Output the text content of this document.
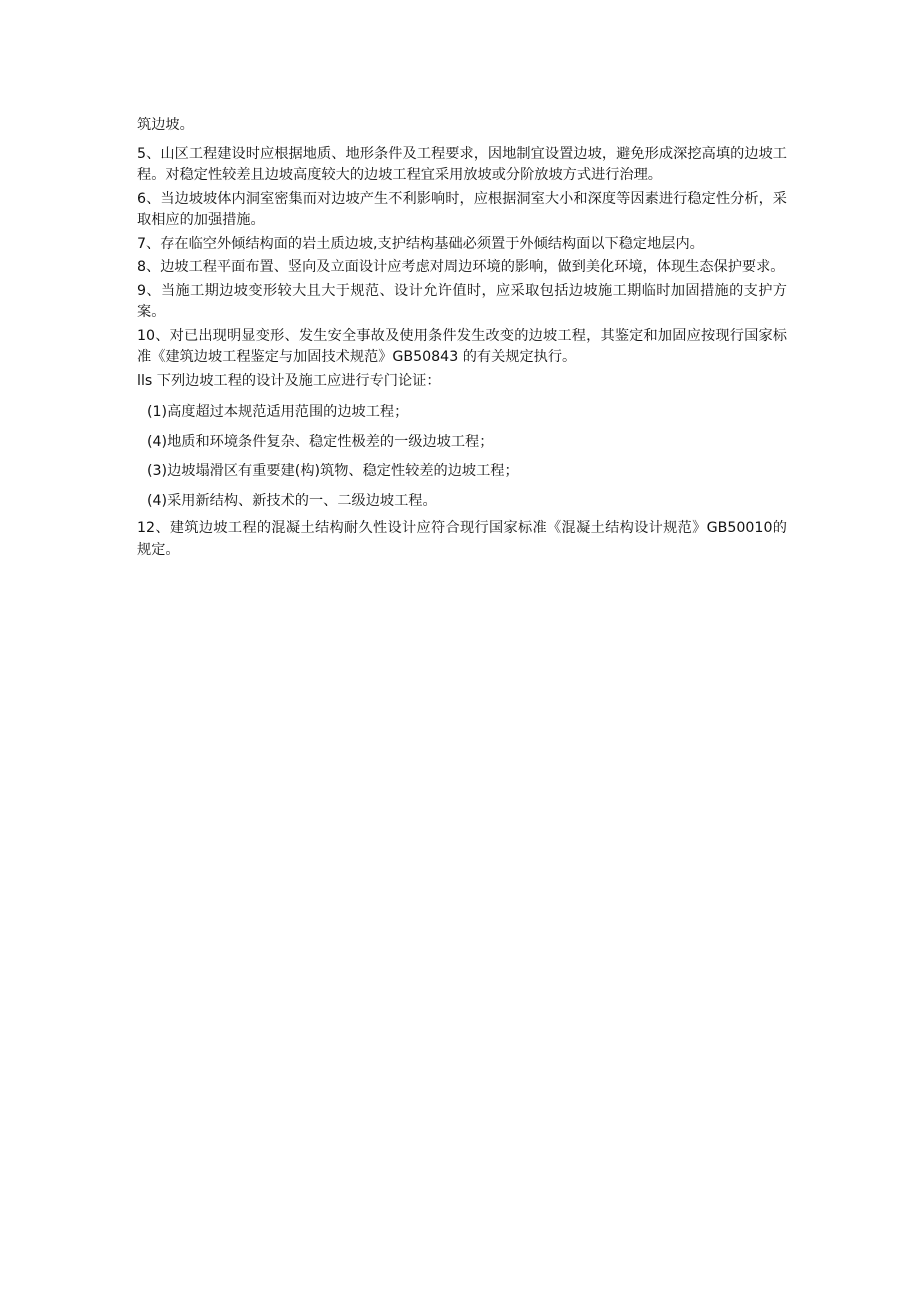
筑边坡。

5、山区工程建设时应根据地质、地形条件及工程要求，因地制宜设置边坡，避免形成深挖高填的边坡工程。对稳定性较差且边坡高度较大的边坡工程宜采用放坡或分阶放坡方式进行治理。

6、当边坡坡体内洞室密集而对边坡产生不利影响时，应根据洞室大小和深度等因素进行稳定性分析，采取相应的加强措施。

7、存在临空外倾结构面的岩土质边坡,支护结构基础必须置于外倾结构面以下稳定地层内。

8、边坡工程平面布置、竖向及立面设计应考虑对周边环境的影响，做到美化环境，体现生态保护要求。

9、当施工期边坡变形较大且大于规范、设计允许值时，应采取包括边坡施工期临时加固措施的支护方案。

10、对已出现明显变形、发生安全事故及使用条件发生改变的边坡工程，其鉴定和加固应按现行国家标准《建筑边坡工程鉴定与加固技术规范》GB50843 的有关规定执行。

lls 下列边坡工程的设计及施工应进行专门论证：

(1)高度超过本规范适用范围的边坡工程；

(4)地质和环境条件复杂、稳定性极差的一级边坡工程；

(3)边坡塌滑区有重要建(构)筑物、稳定性较差的边坡工程；

(4)采用新结构、新技术的一、二级边坡工程。

12、建筑边坡工程的混凝土结构耐久性设计应符合现行国家标准《混凝土结构设计规范》GB50010的规定。
